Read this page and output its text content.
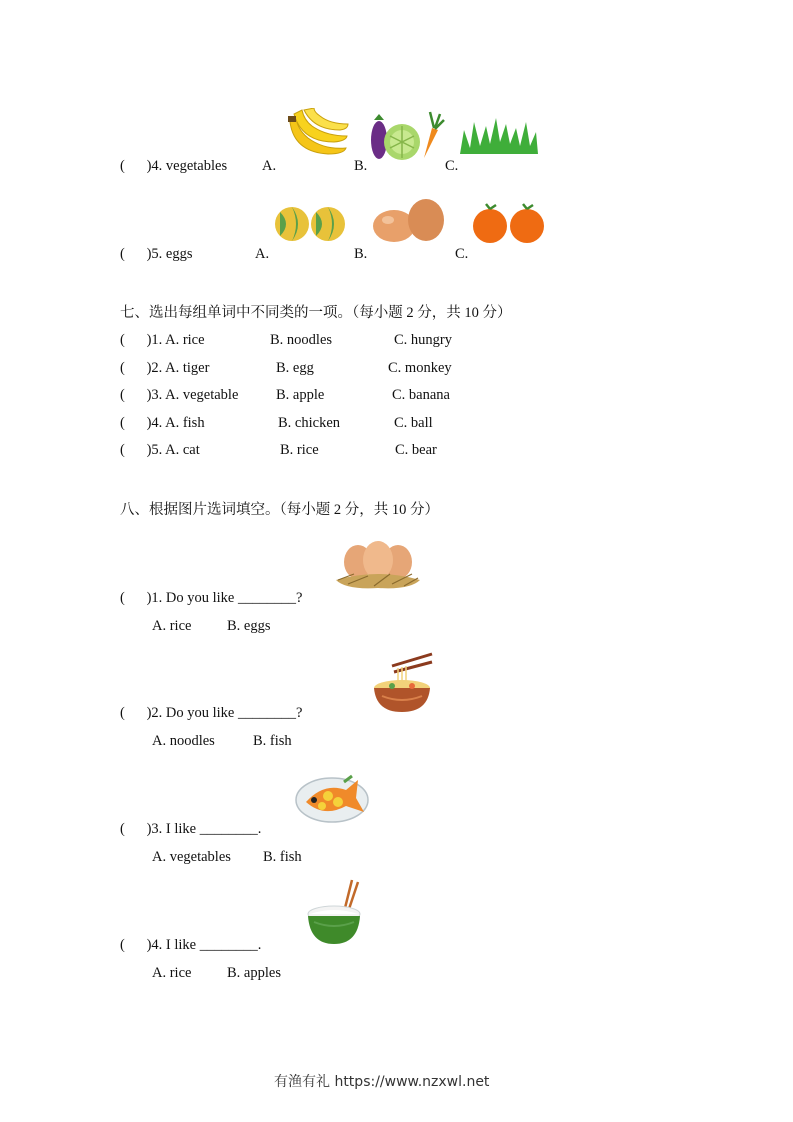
(      )4. vegetables A.	B.	C.
(      )5. eggs	A.	B.	C.
七、选出每组单词中不同类的一项。（每小题 2 分，共 10 分）
(      )1. A. rice	B. noodles	C. hungry
(      )2. A. tiger	B. egg	C. monkey
(      )3. A. vegetable	B. apple	C. banana
(      )4. A. fish	B. chicken	C. ball
(      )5. A. cat	B. rice	C. bear
八、根据图片选词填空。（每小题 2 分，共 10 分）
(      )1. Do you like ________?
A. rice B. eggs
(      )2. Do you like ________?
A. noodles	B. fish
(      )3. I like ________.
A. vegetables B. fish
(      )4. I like ________.
A. rice B. apples
有渔有礼 https://www.nzxwl.net
